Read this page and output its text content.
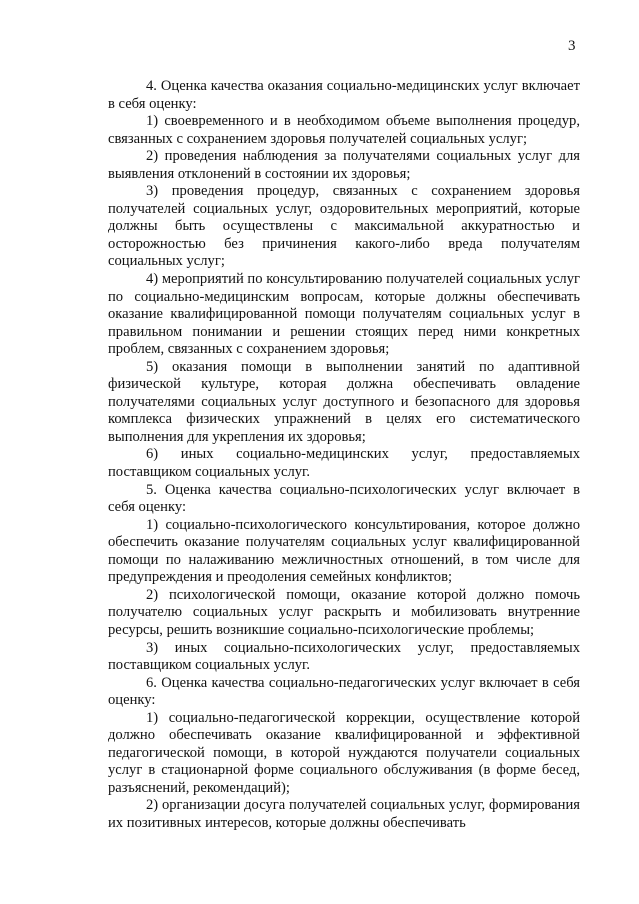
3

4. Оценка качества оказания социально-медицинских услуг включает в себя оценку:

1) своевременного и в необходимом объеме выполнения процедур, связанных с сохранением здоровья получателей социальных услуг;

2) проведения наблюдения за получателями социальных услуг для выявления отклонений в состоянии их здоровья;

3) проведения процедур, связанных с сохранением здоровья получателей социальных услуг, оздоровительных мероприятий, которые должны быть осуществлены с максимальной аккуратностью и осторожностью без причинения какого-либо вреда получателям социальных услуг;

4) мероприятий по консультированию получателей социальных услуг по социально-медицинским вопросам, которые должны обеспечивать оказание квалифицированной помощи получателям социальных услуг в правильном понимании и решении стоящих перед ними конкретных проблем, связанных с сохранением здоровья;

5) оказания помощи в выполнении занятий по адаптивной физической культуре, которая должна обеспечивать овладение получателями социальных услуг доступного и безопасного для здоровья комплекса физических упражнений в целях его систематического выполнения для укрепления их здоровья;

6) иных социально-медицинских услуг, предоставляемых поставщиком социальных услуг.

5. Оценка качества социально-психологических услуг включает в себя оценку:

1) социально-психологического консультирования, которое должно обеспечить оказание получателям социальных услуг квалифицированной помощи по налаживанию межличностных отношений, в том числе для предупреждения и преодоления семейных конфликтов;

2) психологической помощи, оказание которой должно помочь получателю социальных услуг раскрыть и мобилизовать внутренние ресурсы, решить возникшие социально-психологические проблемы;

3) иных социально-психологических услуг, предоставляемых поставщиком социальных услуг.

6. Оценка качества социально-педагогических услуг включает в себя оценку:

1) социально-педагогической коррекции, осуществление которой должно обеспечивать оказание квалифицированной и эффективной педагогической помощи, в которой нуждаются получатели социальных услуг в стационарной форме социального обслуживания (в форме бесед, разъяснений, рекомендаций);

2) организации досуга получателей социальных услуг, формирования их позитивных интересов, которые должны обеспечивать
